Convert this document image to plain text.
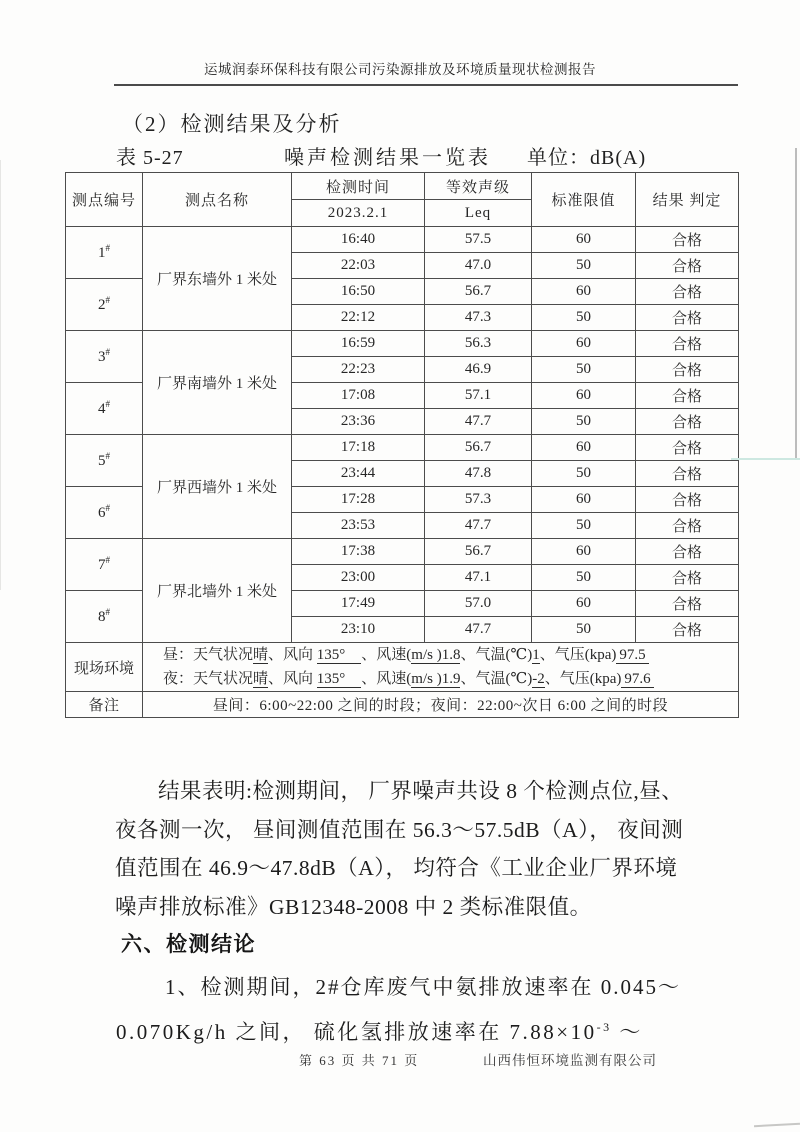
运城润泰环保科技有限公司污染源排放及环境质量现状检测报告
（2）检测结果及分析
表 5-27	噪声检测结果一览表 单位：dB(A)
测点编号	测点名称	检测时间	等效声级	标准限值	结果 判定
		2023.2.1	Leq		
1#	厂界东墙外 1 米处	16:40	57.5	60	合格
		22:03	47.0	50	合格
2#		16:50	56.7	60	合格
		22:12	47.3	50	合格
3#	厂界南墙外 1 米处	16:59	56.3	60	合格
		22:23	46.9	50	合格
4#		17:08	57.1	60	合格
		23:36	47.7	50	合格
5#	厂界西墙外 1 米处	17:18	56.7	60	合格
		23:44	47.8	50	合格
6#		17:28	57.3	60	合格
		23:53	47.7	50	合格
7#	厂界北墙外 1 米处	17:38	56.7	60	合格
		23:00	47.1	50	合格
8#		17:49	57.0	60	合格
		23:10	47.7	50	合格
现场环境	昼：天气状况晴、风向 135° 、风速(m/s )1.8、气温(℃)1、气压(kpa) 97.5
夜：天气状况晴、风向 135° 、风速(m/s )1.9、气温(℃)-2、气压(kpa) 97.6				

备注	昼间：6:00~22:00 之间的时段；夜间：22:00~次日 6:00 之间的时段				
结果表明:检测期间， 厂界噪声共设 8 个检测点位,昼、
夜各测一次， 昼间测值范围在 56.3～57.5dB（A）， 夜间测
值范围在 46.9～47.8dB（A）， 均符合《工业企业厂界环境
噪声排放标准》GB12348-2008 中 2 类标准限值。
六、检测结论
1、检测期间，2#仓库废气中氨排放速率在 0.045～
0.070Kg/h 之间， 硫化氢排放速率在 $7.88\times 10^{-3}$ ～
第 63 页 共 71 页	山西伟恒环境监测有限公司
